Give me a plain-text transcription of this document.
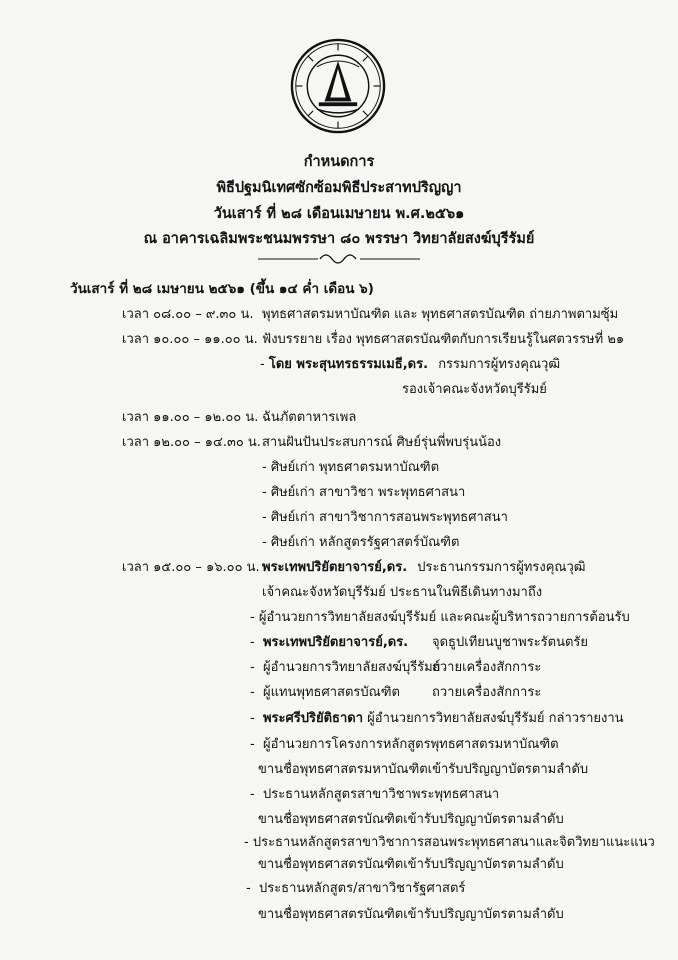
กำหนดการ
พิธีปฐมนิเทศซักซ้อมพิธีประสาทปริญญา
วันเสาร์ ที่ ๒๘ เดือนเมษายน พ.ศ.๒๕๖๑
ณ อาคารเฉลิมพระชนมพรรษา ๘๐ พรรษา วิทยาลัยสงฆ์บุรีรัมย์
วันเสาร์ ที่ ๒๘ เมษายน ๒๕๖๑ (ขึ้น ๑๔ ค่ำ เดือน ๖)
เวลา ๐๘.๐๐ – ๙.๓๐ น. พุทธศาสตรมหาบัณฑิต และ พุทธศาสตรบัณฑิต ถ่ายภาพตามซุ้ม
เวลา ๑๐.๐๐ – ๑๑.๐๐ น. ฟังบรรยาย เรื่อง พุทธศาสตรบัณฑิตกับการเรียนรู้ในศตวรรษที่ ๒๑
- โดย พระสุนทรธรรมเมธี,ดร. กรรมการผู้ทรงคุณวุฒิ
รองเจ้าคณะจังหวัดบุรีรัมย์
เวลา ๑๑.๐๐ – ๑๒.๐๐ น. ฉันภัตตาหารเพล
เวลา ๑๒.๐๐ – ๑๔.๓๐ น. สานฝันปันประสบการณ์ ศิษย์รุ่นพี่พบรุ่นน้อง
- ศิษย์เก่า พุทธศาตรมหาบัณฑิต
- ศิษย์เก่า สาขาวิชา พระพุทธศาสนา
- ศิษย์เก่า สาขาวิชาการสอนพระพุทธศาสนา
- ศิษย์เก่า หลักสูตรรัฐศาสตร์บัณฑิต
เวลา ๑๕.๐๐ – ๑๖.๐๐ น. พระเทพปริยัตยาจารย์,ดร. ประธานกรรมการผู้ทรงคุณวุฒิ
เจ้าคณะจังหวัดบุรีรัมย์ ประธานในพิธีเดินทางมาถึง
- ผู้อำนวยการวิทยาลัยสงฆ์บุรีรัมย์ และคณะผู้บริหารถวายการต้อนรับ
-  พระเทพปริยัตยาจารย์,ดร. จุดธูปเทียนบูชาพระรัตนตรัย
-  ผู้อำนวยการวิทยาลัยสงฆ์บุรีรัมย์
ถวายเครื่องสักการะ
-  ผู้แทนพุทธศาสตรบัณฑิต ถวายเครื่องสักการะ
-  พระศรีปริยัติธาดา ผู้อำนวยการวิทยาลัยสงฆ์บุรีรัมย์ กล่าวรายงาน
-  ผู้อำนวยการโครงการหลักสูตรพุทธศาสตรมหาบัณฑิต
ขานชื่อพุทธศาสตรมหาบัณฑิตเข้ารับปริญญาบัตรตามลำดับ
-  ประธานหลักสูตรสาขาวิชาพระพุทธศาสนา
ขานชื่อพุทธศาสตรบัณฑิตเข้ารับปริญญาบัตรตามลำดับ
- ประธานหลักสูตรสาขาวิชาการสอนพระพุทธศาสนาและจิตวิทยาแนะแนว
ขานชื่อพุทธศาสตรบัณฑิตเข้ารับปริญญาบัตรตามลำดับ
-  ประธานหลักสูตร/สาขาวิชารัฐศาสตร์
ขานชื่อพุทธศาสตรบัณฑิตเข้ารับปริญญาบัตรตามลำดับ
